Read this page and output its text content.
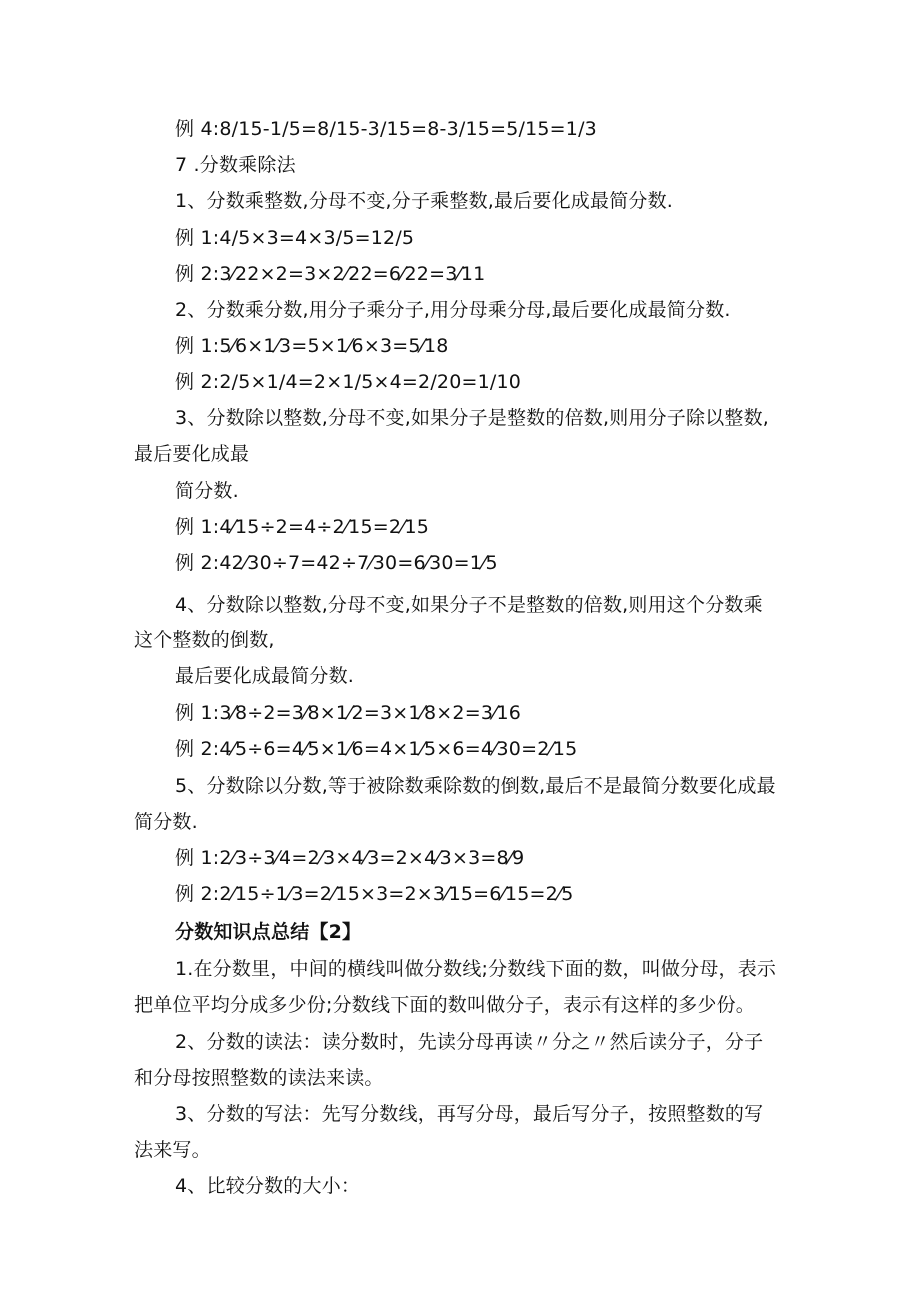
例 4:8/15-1/5=8/15-3/15=8-3/15=5/15=1/3
7 .分数乘除法
1、分数乘整数,分母不变,分子乘整数,最后要化成最简分数.
例 1:4/5×3=4×3/5=12/5
例 2:3⁄22×2=3×2⁄22=6⁄22=3⁄11
2、分数乘分数,用分子乘分子,用分母乘分母,最后要化成最简分数.
例 1:5⁄6×1⁄3=5×1⁄6×3=5⁄18
例 2:2/5×1/4=2×1/5×4=2/20=1/10
3、分数除以整数,分母不变,如果分子是整数的倍数,则用分子除以整数,
最后要化成最
简分数.
例 1:4⁄15÷2=4÷2⁄15=2⁄15
例 2:42⁄30÷7=42÷7⁄30=6⁄30=1⁄5
4、分数除以整数,分母不变,如果分子不是整数的倍数,则用这个分数乘
这个整数的倒数,
最后要化成最简分数.
例 1:3⁄8÷2=3⁄8×1⁄2=3×1⁄8×2=3⁄16
例 2:4⁄5÷6=4⁄5×1⁄6=4×1⁄5×6=4⁄30=2⁄15
5、分数除以分数,等于被除数乘除数的倒数,最后不是最简分数要化成最
简分数.
例 1:2⁄3÷3⁄4=2⁄3×4⁄3=2×4⁄3×3=8⁄9
例 2:2⁄15÷1⁄3=2⁄15×3=2×3⁄15=6⁄15=2⁄5
分数知识点总结【2】
1.在分数里，中间的横线叫做分数线;分数线下面的数，叫做分母，表示
把单位平均分成多少份;分数线下面的数叫做分子，表示有这样的多少份。
2、分数的读法：读分数时，先读分母再读〃分之〃然后读分子，分子
和分母按照整数的读法来读。
3、分数的写法：先写分数线，再写分母，最后写分子，按照整数的写
法来写。
4、比较分数的大小：
